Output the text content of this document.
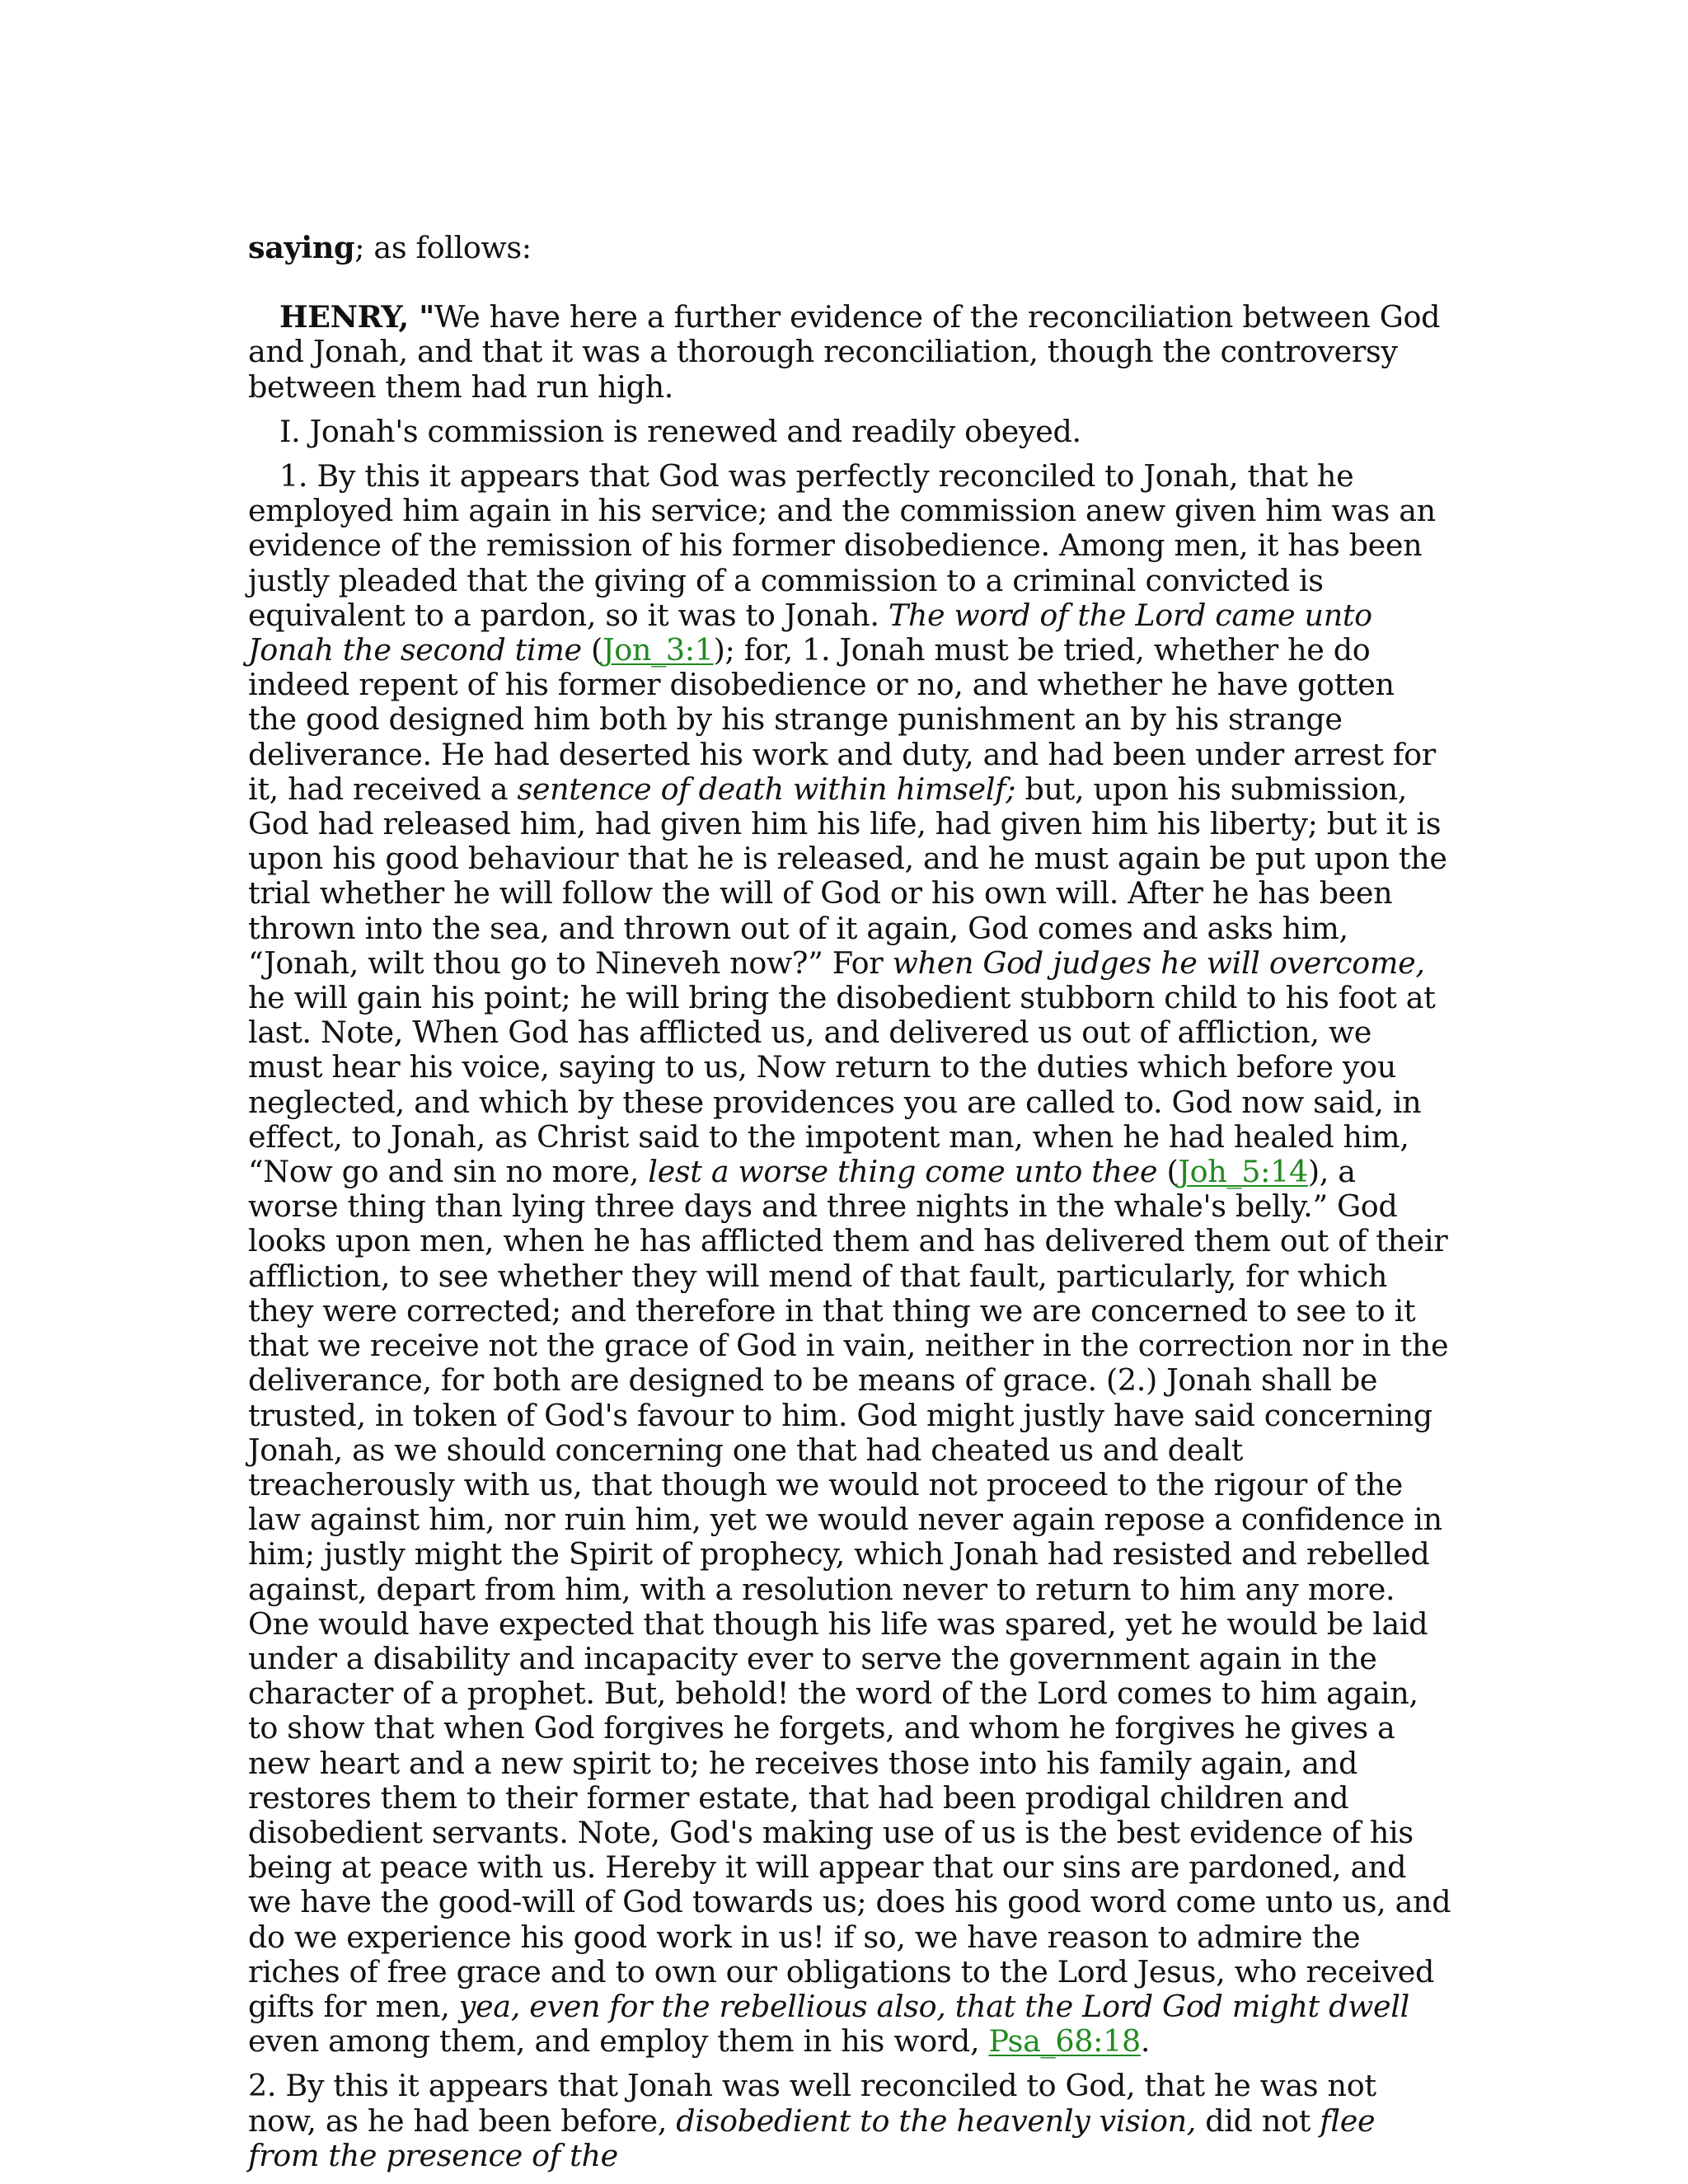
saying; as follows:

HENRY, "We have here a further evidence of the reconciliation between God and Jonah, and that it was a thorough reconciliation, though the controversy between them had run high.

I. Jonah's commission is renewed and readily obeyed.

1. By this it appears that God was perfectly reconciled to Jonah, that he employed him again in his service; and the commission anew given him was an evidence of the remission of his former disobedience. Among men, it has been justly pleaded that the giving of a commission to a criminal convicted is equivalent to a pardon, so it was to Jonah. The word of the Lord came unto Jonah the second time (Jon_3:1); for, 1. Jonah must be tried, whether he do indeed repent of his former disobedience or no, and whether he have gotten the good designed him both by his strange punishment an by his strange deliverance. He had deserted his work and duty, and had been under arrest for it, had received a sentence of death within himself; but, upon his submission, God had released him, had given him his life, had given him his liberty; but it is upon his good behaviour that he is released, and he must again be put upon the trial whether he will follow the will of God or his own will. After he has been thrown into the sea, and thrown out of it again, God comes and asks him, “Jonah, wilt thou go to Nineveh now?” For when God judges he will overcome, he will gain his point; he will bring the disobedient stubborn child to his foot at last. Note, When God has afflicted us, and delivered us out of affliction, we must hear his voice, saying to us, Now return to the duties which before you neglected, and which by these providences you are called to. God now said, in effect, to Jonah, as Christ said to the impotent man, when he had healed him, “Now go and sin no more, lest a worse thing come unto thee (Joh_5:14), a worse thing than lying three days and three nights in the whale's belly.” God looks upon men, when he has afflicted them and has delivered them out of their affliction, to see whether they will mend of that fault, particularly, for which they were corrected; and therefore in that thing we are concerned to see to it that we receive not the grace of God in vain, neither in the correction nor in the deliverance, for both are designed to be means of grace. (2.) Jonah shall be trusted, in token of God's favour to him. God might justly have said concerning Jonah, as we should concerning one that had cheated us and dealt treacherously with us, that though we would not proceed to the rigour of the law against him, nor ruin him, yet we would never again repose a confidence in him; justly might the Spirit of prophecy, which Jonah had resisted and rebelled against, depart from him, with a resolution never to return to him any more. One would have expected that though his life was spared, yet he would be laid under a disability and incapacity ever to serve the government again in the character of a prophet. But, behold! the word of the Lord comes to him again, to show that when God forgives he forgets, and whom he forgives he gives a new heart and a new spirit to; he receives those into his family again, and restores them to their former estate, that had been prodigal children and disobedient servants. Note, God's making use of us is the best evidence of his being at peace with us. Hereby it will appear that our sins are pardoned, and we have the good-will of God towards us; does his good word come unto us, and do we experience his good work in us! if so, we have reason to admire the riches of free grace and to own our obligations to the Lord Jesus, who received gifts for men, yea, even for the rebellious also, that the Lord God might dwell even among them, and employ them in his word, Psa_68:18.

2. By this it appears that Jonah was well reconciled to God, that he was not now, as he had been before, disobedient to the heavenly vision, did not flee from the presence of the
